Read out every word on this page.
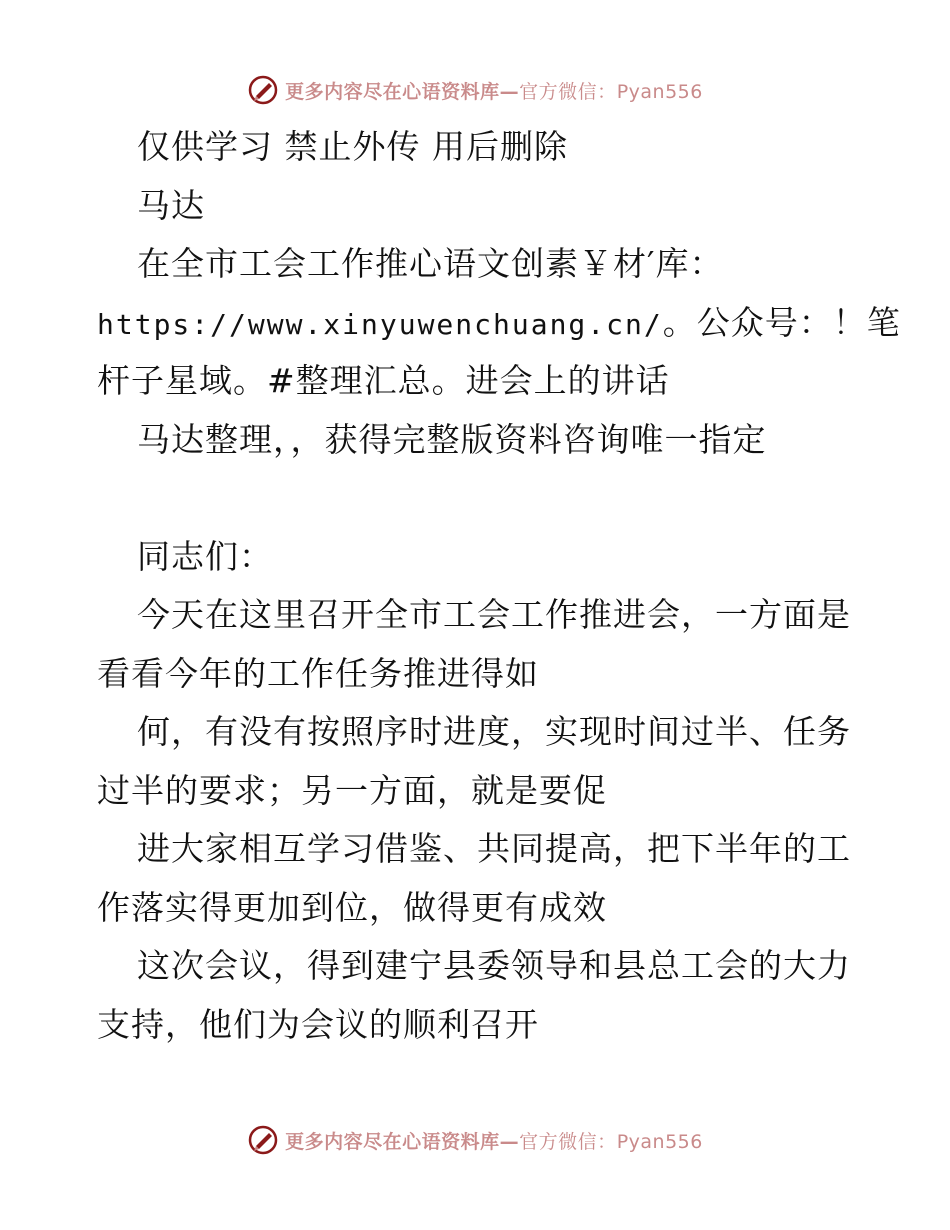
更多内容尽在心语资料库—官方微信：Pyan556
仅供学习 禁止外传 用后删除
马达
在全市工会工作推心语文创素￥材′库：
https://www.xinyuwenchuang.cn/。公众号：！笔
杆子星域。#整理汇总。进会上的讲话
马达整理，，获得完整版资料咨询唯一指定
同志们：
今天在这里召开全市工会工作推进会，一方面是
看看今年的工作任务推进得如
何，有没有按照序时进度，实现时间过半、任务
过半的要求；另一方面，就是要促
进大家相互学习借鉴、共同提高，把下半年的工
作落实得更加到位，做得更有成效
这次会议，得到建宁县委领导和县总工会的大力
支持，他们为会议的顺利召开
更多内容尽在心语资料库—官方微信：Pyan556
